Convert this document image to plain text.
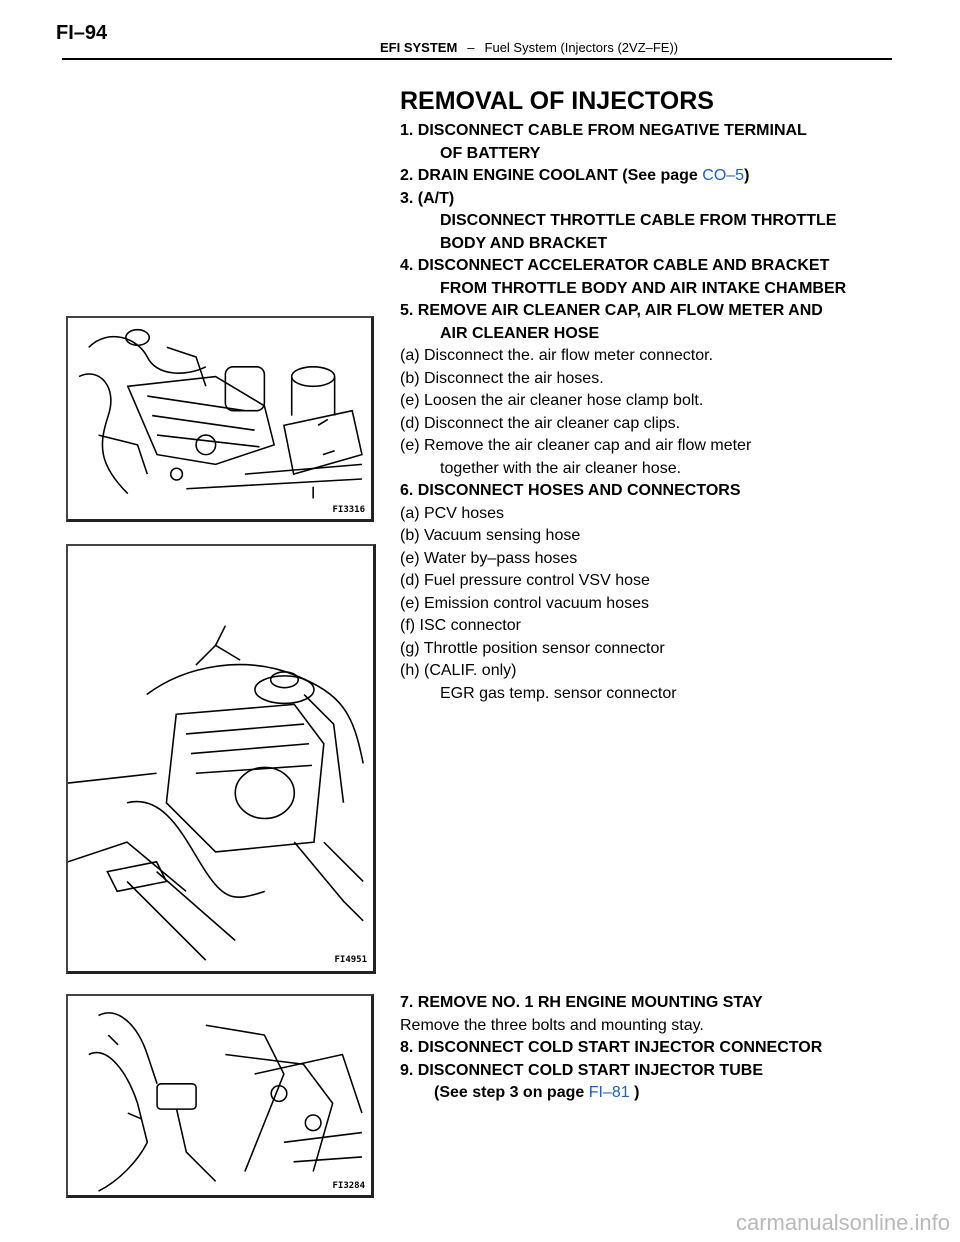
FI–94
EFI SYSTEM – Fuel System (Injectors (2VZ–FE))
FI3316
FI4951
FI3284
REMOVAL OF INJECTORS
1. DISCONNECT CABLE FROM NEGATIVE TERMINAL
OF BATTERY
2. DRAIN ENGINE COOLANT (See page CO–5)
3. (A/T)
DISCONNECT THROTTLE CABLE FROM THROTTLE
BODY AND BRACKET
4. DISCONNECT ACCELERATOR CABLE AND BRACKET
FROM THROTTLE BODY AND AIR INTAKE CHAMBER
5. REMOVE AIR CLEANER CAP, AIR FLOW METER AND
AIR CLEANER HOSE
(a) Disconnect the. air flow meter connector.
(b) Disconnect the air hoses.
(e) Loosen the air cleaner hose clamp bolt.
(d) Disconnect the air cleaner cap clips.
(e) Remove the air cleaner cap and air flow meter
together with the air cleaner hose.
6. DISCONNECT HOSES AND CONNECTORS
(a) PCV hoses
(b) Vacuum sensing hose
(e) Water by–pass hoses
(d) Fuel pressure control VSV hose
(e) Emission control vacuum hoses
(f) ISC connector
(g) Throttle position sensor connector
(h) (CALIF. only)
EGR gas temp. sensor connector
7. REMOVE NO. 1 RH ENGINE MOUNTING STAY
Remove the three bolts and mounting stay.
8. DISCONNECT COLD START INJECTOR CONNECTOR
9. DISCONNECT COLD START INJECTOR TUBE
(See step 3 on page FI–81 )
carmanualsonline.info
